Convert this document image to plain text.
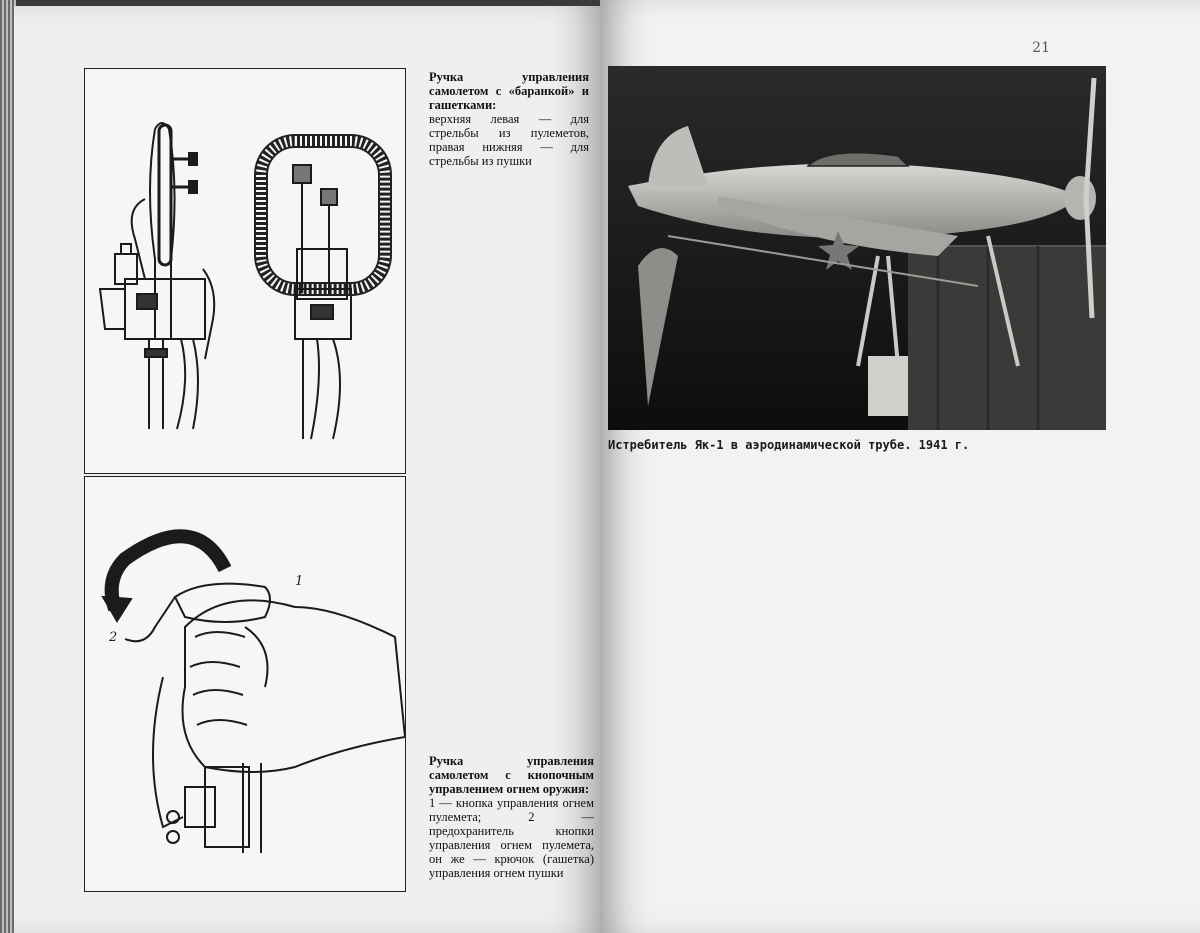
Ручка управления самолетом с «баранкой» и гашетками:
верхняя левая — для стрельбы из пулеметов, правая нижняя — для стрельбы из пушки
1
2
Ручка управления самолетом с кнопочным управлением огнем оружия:
1 — кнопка управления огнем пулемета; 2 — предохранитель кнопки управления огнем пулемета, он же — крючок (гашетка) управления огнем пушки
21
Истребитель Як-1 в аэродинамической трубе. 1941 г.
